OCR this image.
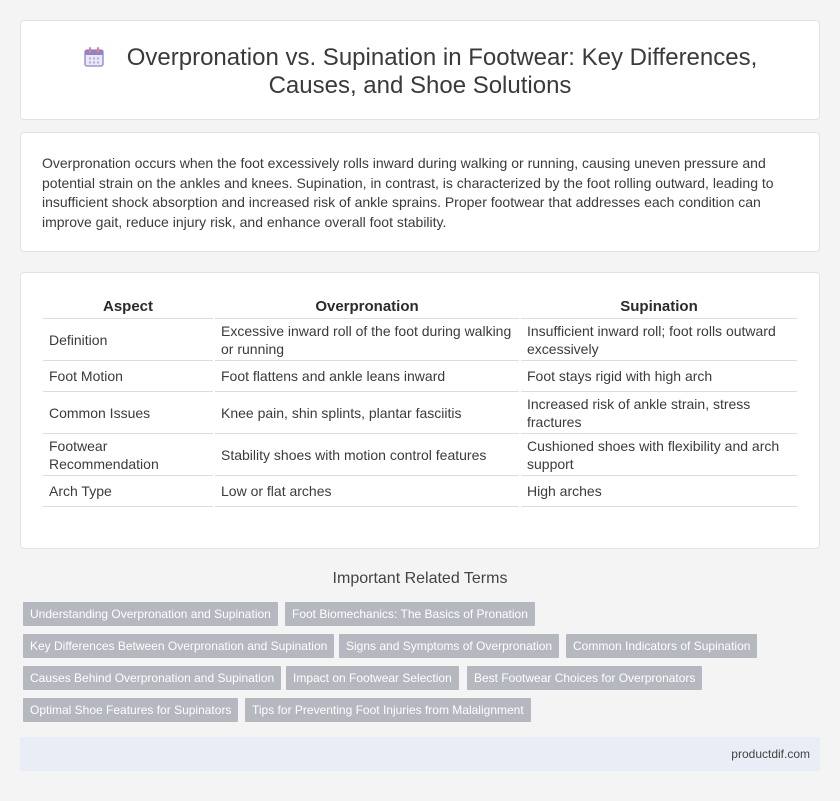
Overpronation vs. Supination in Footwear: Key Differences, Causes, and Shoe Solutions

Overpronation occurs when the foot excessively rolls inward during walking or running, causing uneven pressure and potential strain on the ankles and knees. Supination, in contrast, is characterized by the foot rolling outward, leading to insufficient shock absorption and increased risk of ankle sprains. Proper footwear that addresses each condition can improve gait, reduce injury risk, and enhance overall foot stability.

Aspect	Overpronation	Supination
Definition	Excessive inward roll of the foot during walking or running	Insufficient inward roll; foot rolls outward excessively
Foot Motion	Foot flattens and ankle leans inward	Foot stays rigid with high arch
Common Issues	Knee pain, shin splints, plantar fasciitis	Increased risk of ankle strain, stress fractures
Footwear Recommendation	Stability shoes with motion control features	Cushioned shoes with flexibility and arch support
Arch Type	Low or flat arches	High arches
Important Related Terms
Understanding Overpronation and Supination	Foot Biomechanics: The Basics of Pronation
Key Differences Between Overpronation and Supination	Signs and Symptoms of Overpronation	Common Indicators of Supination
Causes Behind Overpronation and Supination	Impact on Footwear Selection	Best Footwear Choices for Overpronators
Optimal Shoe Features for Supinators	Tips for Preventing Foot Injuries from Malalignment
productdif.com
